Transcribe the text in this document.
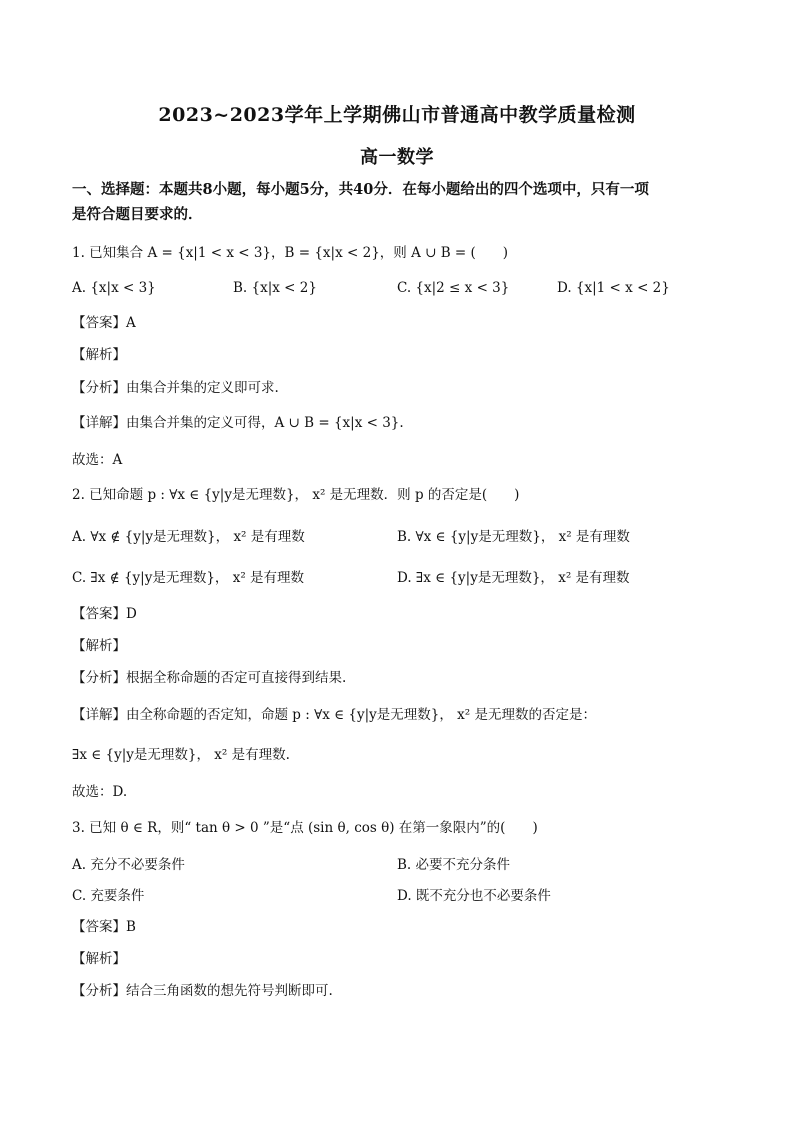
2023~2023学年上学期佛山市普通高中教学质量检测
高一数学
一、选择题：本题共8小题，每小题5分，共40分．在每小题给出的四个选项中，只有一项
是符合题目要求的．
1. 已知集合 A = {x|1 < x < 3}，B = {x|x < 2}，则 A ∪ B = (　　)
A. {x|x < 3}	B. {x|x < 2}	C. {x|2 ≤ x < 3}	D. {x|1 < x < 2}
【答案】A
【解析】
【分析】由集合并集的定义即可求.
【详解】由集合并集的定义可得，A ∪ B = {x|x < 3}.
故选：A
2. 已知命题 p : ∀x ∈ {y|y是无理数}， x² 是无理数．则 p 的否定是(　　)
A. ∀x ∉ {y|y是无理数}， x² 是有理数	B. ∀x ∈ {y|y是无理数}， x² 是有理数
C. ∃x ∉ {y|y是无理数}， x² 是有理数	D. ∃x ∈ {y|y是无理数}， x² 是有理数
【答案】D
【解析】
【分析】根据全称命题的否定可直接得到结果.
【详解】由全称命题的否定知，命题 p : ∀x ∈ {y|y是无理数}， x² 是无理数的否定是：
∃x ∈ {y|y是无理数}， x² 是有理数.
故选：D.
3. 已知 θ ∈ R，则“ tan θ > 0 ”是“点 (sin θ, cos θ) 在第一象限内”的(　　)
A. 充分不必要条件	B. 必要不充分条件
C. 充要条件	D. 既不充分也不必要条件
【答案】B
【解析】
【分析】结合三角函数的想先符号判断即可.
